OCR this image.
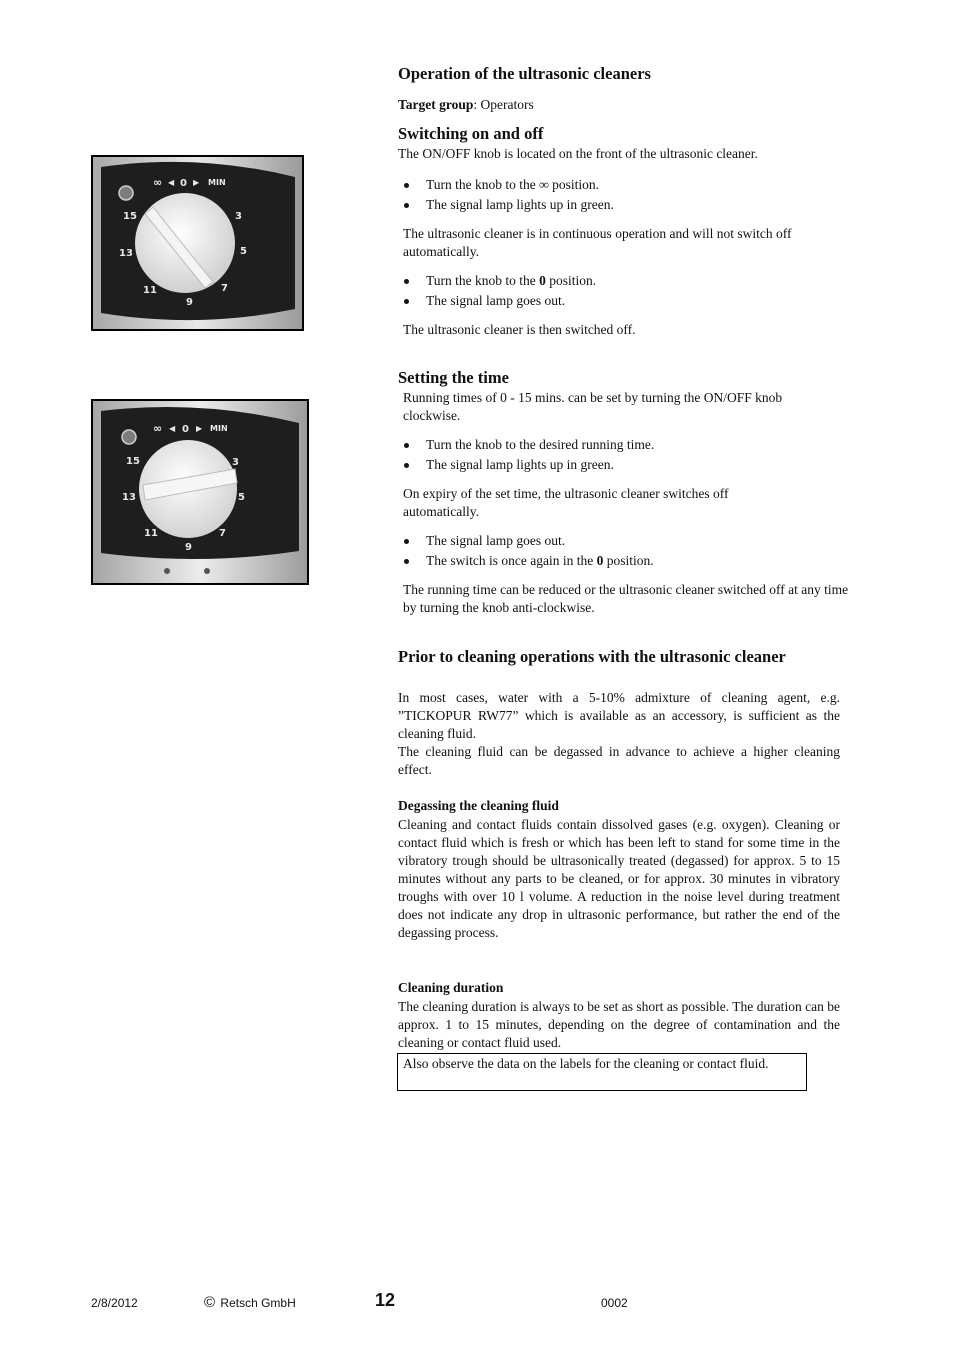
∞ ◀ 0 ▶ MIN
15
13
11
9
7
5
3
∞ ◀ 0 ▶ MIN
15
13
11
9
7
5
3
Operation of the ultrasonic cleaners
Target group: Operators
Switching on and off
The ON/OFF knob is located on the front of the ultrasonic cleaner.
Turn the knob to the ∞ position.
The signal lamp lights up in green.
The ultrasonic cleaner is in continuous operation and will not switch off automatically.
Turn the knob to the 0 position.
The signal lamp goes out.
The ultrasonic cleaner is then switched off.
Setting the time
Running times of 0 - 15 mins. can be set by turning the ON/OFF knob clockwise.
Turn the knob to the desired running time.
The signal lamp lights up in green.
On expiry of the set time, the ultrasonic cleaner switches off automatically.
The signal lamp goes out.
The switch is once again in the 0 position.
The running time can be reduced or the ultrasonic cleaner switched off at any time by turning the knob anti-clockwise.
Prior to cleaning operations with the ultrasonic cleaner
In most cases, water with a 5-10% admixture of cleaning agent, e.g. ”TICKOPUR RW77” which is available as an accessory, is sufficient as the cleaning fluid.
The cleaning fluid can be degassed in advance to achieve a higher cleaning effect.
Degassing the cleaning fluid
Cleaning and contact fluids contain dissolved gases (e.g. oxygen). Cleaning or contact fluid which is fresh or which has been left to stand for some time in the vibratory trough should be ultrasonically treated (degassed) for approx. 5 to 15 minutes without any parts to be cleaned, or for approx. 30 minutes in vibratory troughs with over 10 l volume. A reduction in the noise level during treatment does not indicate any drop in ultrasonic performance, but rather the end of the degassing process.
Cleaning duration
The cleaning duration is always to be set as short as possible. The duration can be approx. 1 to 15 minutes, depending on the degree of contamination and the cleaning or contact fluid used.
Also observe the data on the labels for the cleaning or contact fluid.
2/8/2012	© Retsch GmbH	12	0002
